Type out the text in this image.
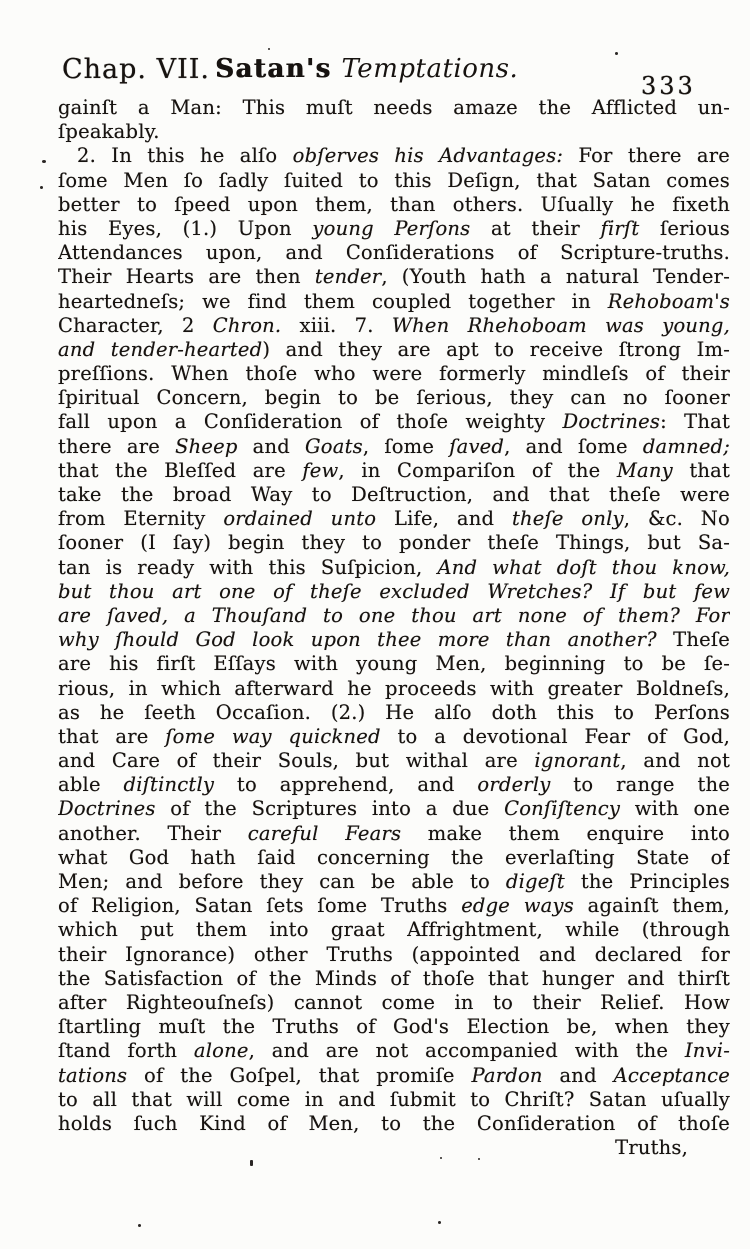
Chap. VII. Satan's Temptations.
333
gainſt a Man: This muſt needs amaze the Afflicted un-
ſpeakably.
2. In this he alſo obſerves his Advantages: For there are
ſome Men ſo ſadly ſuited to this Deſign, that Satan comes
better to ſpeed upon them, than others. Uſually he fixeth
his Eyes, (1.) Upon young Perſons at their firſt ſerious
Attendances upon, and Conſiderations of Scripture-truths.
Their Hearts are then tender, (Youth hath a natural Tender-
heartedneſs; we find them coupled together in Rehoboam's
Character, 2 Chron. xiii. 7. When Rhehoboam was young,
and tender-hearted) and they are apt to receive ſtrong Im-
preſſions. When thoſe who were formerly mindleſs of their
ſpiritual Concern, begin to be ſerious, they can no ſooner
fall upon a Conſideration of thoſe weighty Doctrines: That
there are Sheep and Goats, ſome ſaved, and ſome damned;
that the Bleſſed are few, in Compariſon of the Many that
take the broad Way to Deſtruction, and that theſe were
from Eternity ordained unto Life, and theſe only, &c. No
ſooner (I ſay) begin they to ponder theſe Things, but Sa-
tan is ready with this Suſpicion, And what doſt thou know,
but thou art one of theſe excluded Wretches? If but few
are ſaved, a Thouſand to one thou art none of them? For
why ſhould God look upon thee more than another? Theſe
are his firſt Eſſays with young Men, beginning to be ſe-
rious, in which afterward he proceeds with greater Boldneſs,
as he ſeeth Occaſion. (2.) He alſo doth this to Perſons
that are ſome way quickned to a devotional Fear of God,
and Care of their Souls, but withal are ignorant, and not
able diſtinctly to apprehend, and orderly to range the
Doctrines of the Scriptures into a due Conſiſtency with one
another. Their careful Fears make them enquire into
what God hath ſaid concerning the everlaſting State of
Men; and before they can be able to digeſt the Principles
of Religion, Satan ſets ſome Truths edge ways againſt them,
which put them into graat Affrightment, while (through
their Ignorance) other Truths (appointed and declared for
the Satisfaction of the Minds of thoſe that hunger and thirſt
after Righteouſneſs) cannot come in to their Relief. How
ſtartling muſt the Truths of God's Election be, when they
ſtand forth alone, and are not accompanied with the Invi-
tations of the Goſpel, that promiſe Pardon and Acceptance
to all that will come in and ſubmit to Chriſt? Satan uſually
holds ſuch Kind of Men, to the Conſideration of thoſe
Truths,
